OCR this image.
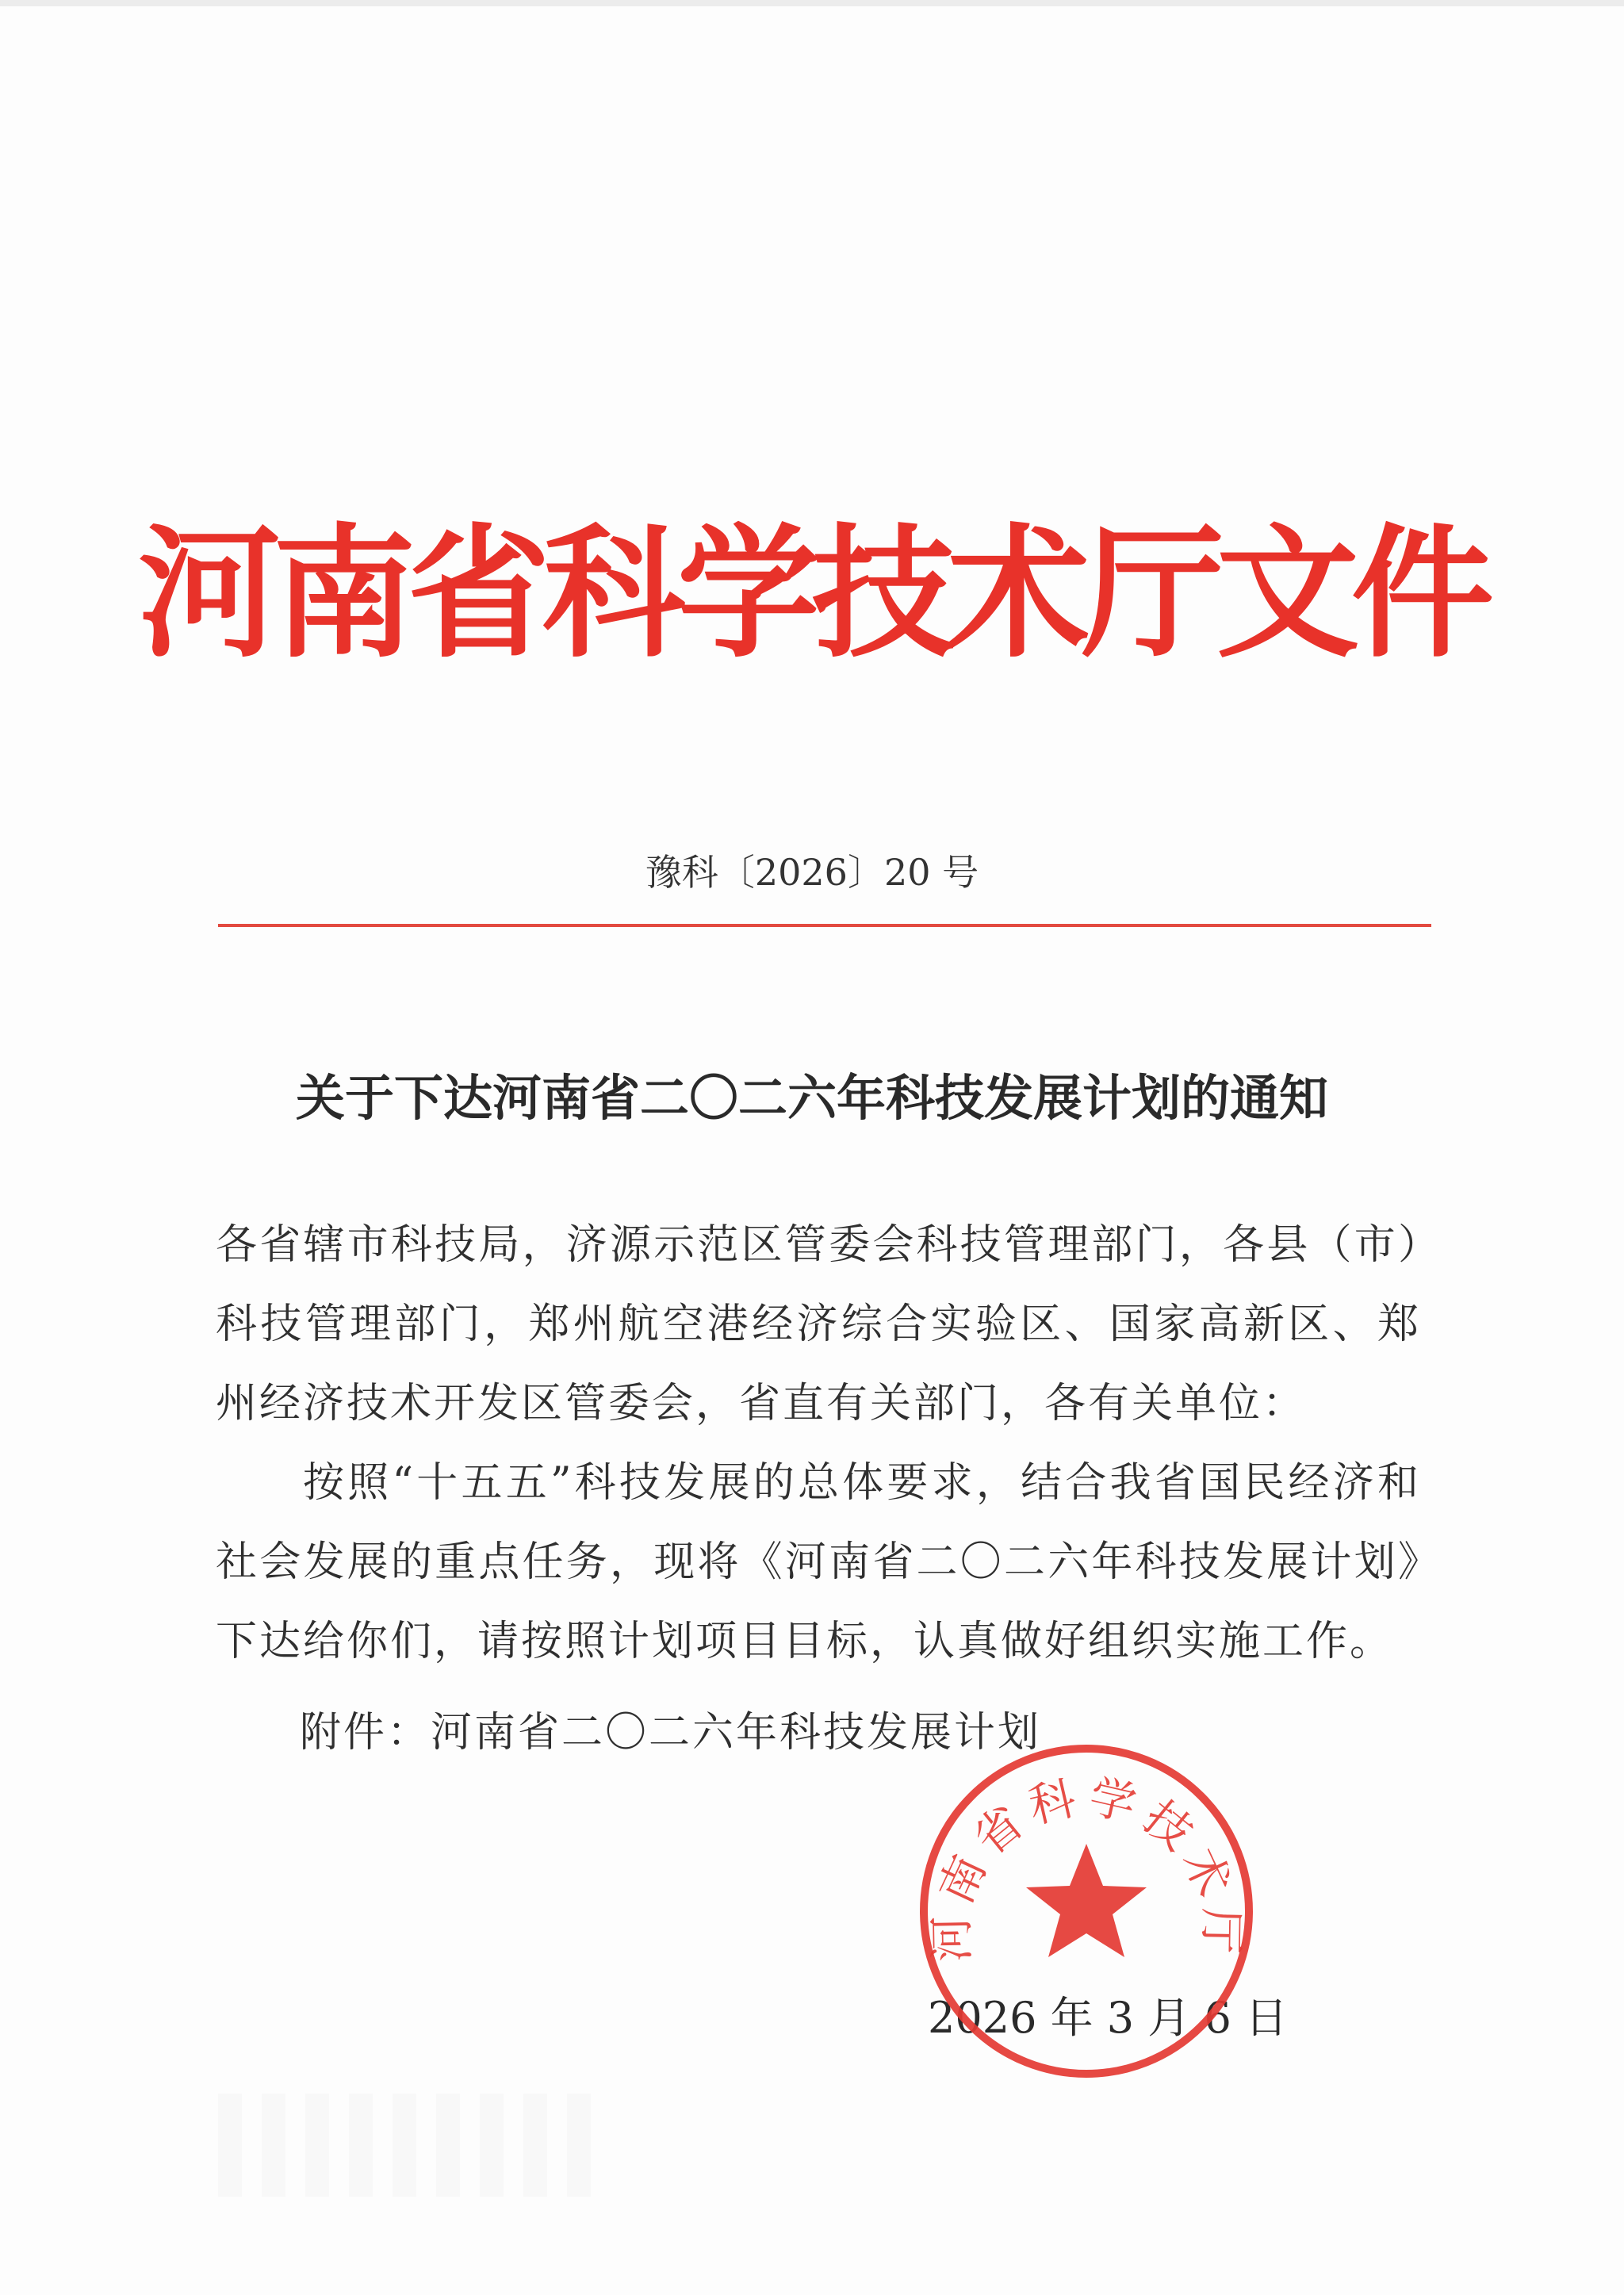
河南省科学技术厅文件
豫科〔2026〕20 号
关于下达河南省二〇二六年科技发展计划的通知

各省辖市科技局，济源示范区管委会科技管理部门，各县（市）科技管理部门，郑州航空港经济综合实验区、国家高新区、郑州经济技术开发区管委会，省直有关部门，各有关单位：

按照“十五五”科技发展的总体要求，结合我省国民经济和社会发展的重点任务，现将《河南省二〇二六年科技发展计划》下达给你们，请按照计划项目目标，认真做好组织实施工作。

附件：河南省二〇二六年科技发展计划
2026 年 3 月 6 日
河南省科学技术厅
